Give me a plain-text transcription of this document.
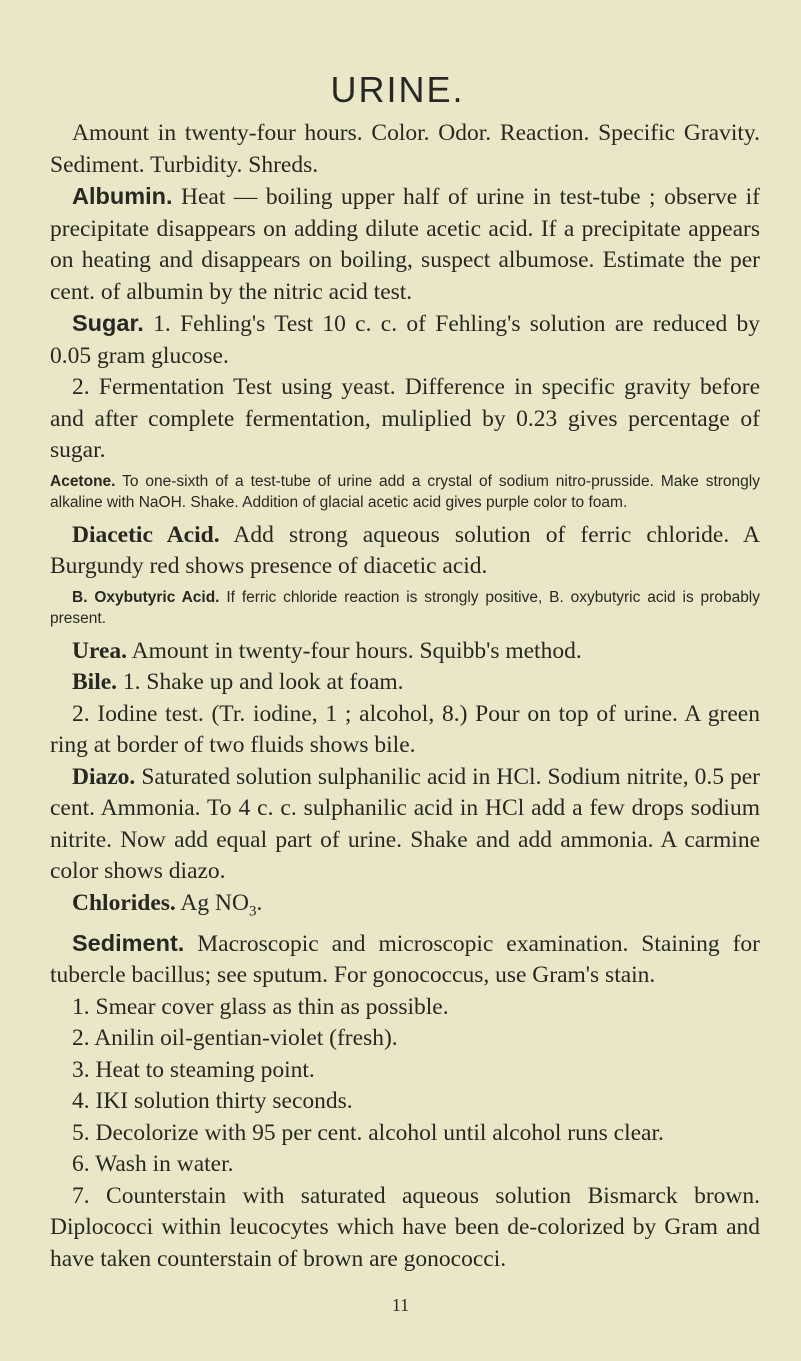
URINE.

Amount in twenty-four hours. Color. Odor. Reaction. Specific Gravity. Sediment. Turbidity. Shreds.

Albumin. Heat — boiling upper half of urine in test-tube ; observe if precipitate disappears on adding dilute acetic acid. If a precipitate appears on heating and disappears on boiling, suspect albumose. Estimate the per cent. of albumin by the nitric acid test.

Sugar. 1. Fehling's Test 10 c. c. of Fehling's solution are reduced by 0.05 gram glucose.

2. Fermentation Test using yeast. Difference in specific gravity before and after complete fermentation, muliplied by 0.23 gives percentage of sugar.

Acetone. To one-sixth of a test-tube of urine add a crystal of sodium nitro-prusside. Make strongly alkaline with NaOH. Shake. Addition of glacial acetic acid gives purple color to foam.

Diacetic Acid. Add strong aqueous solution of ferric chloride. A Burgundy red shows presence of diacetic acid.

B. Oxybutyric Acid. If ferric chloride reaction is strongly positive, B. oxybutyric acid is probably present.

Urea. Amount in twenty-four hours. Squibb's method.

Bile. 1. Shake up and look at foam.

2. Iodine test. (Tr. iodine, 1 ; alcohol, 8.) Pour on top of urine. A green ring at border of two fluids shows bile.

Diazo. Saturated solution sulphanilic acid in HCl. Sodium nitrite, 0.5 per cent. Ammonia. To 4 c. c. sulphanilic acid in HCl add a few drops sodium nitrite. Now add equal part of urine. Shake and add ammonia. A carmine color shows diazo.

Chlorides. Ag $NO_3$.

Sediment. Macroscopic and microscopic examination. Staining for tubercle bacillus; see sputum. For gonococcus, use Gram's stain.

1. Smear cover glass as thin as possible.

2. Anilin oil-gentian-violet (fresh).

3. Heat to steaming point.

4. IKI solution thirty seconds.

5. Decolorize with 95 per cent. alcohol until alcohol runs clear.

6. Wash in water.

7. Counterstain with saturated aqueous solution Bismarck brown. Diplococci within leucocytes which have been de-colorized by Gram and have taken counterstain of brown are gonococci.

11
